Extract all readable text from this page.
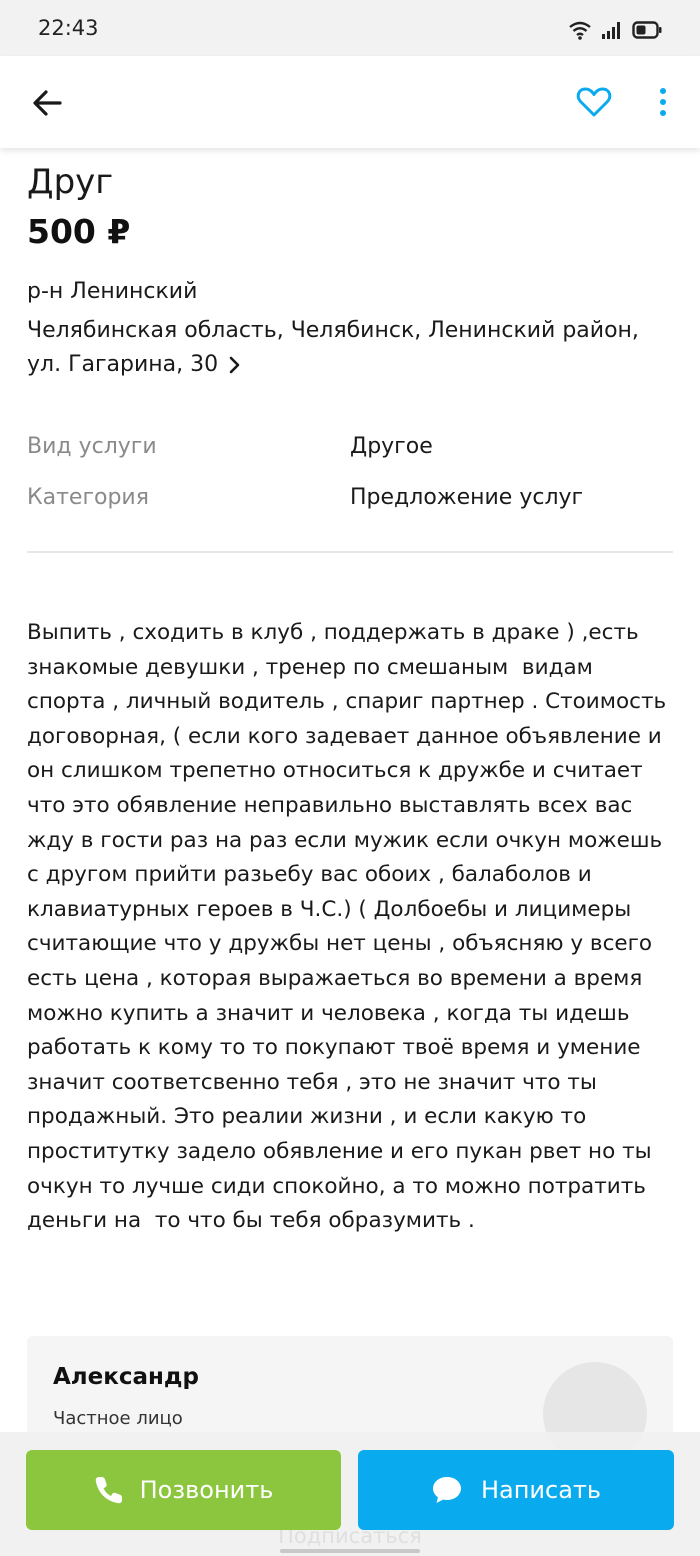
22:43
Друг
500 ₽
р-н Ленинский
Челябинская область, Челябинск, Ленинский район, ул. Гагарина, 30
Вид услуги	Другое
Категория	Предложение услуг
Выпить , сходить в клуб , поддержать в драке ) ,есть знакомые девушки , тренер по смешаным  видам спорта , личный водитель , спариг партнер . Стоимость  договорная, ( если кого задевает данное объявление и он слишком трепетно относиться к дружбе и считает что это обявление неправильно выставлять всех вас жду в гости раз на раз если мужик если очкун можешь с другом прийти разьебу вас обоих , балаболов и клавиатурных героев в Ч.С.) ( Долбоебы и лицимеры считающие что у дружбы нет цены , объясняю у всего есть цена , которая выражаеться во времени а время можно купить а значит и человека , когда ты идешь работать к кому то то покупают твоё время и умение значит соответсвенно тебя , это не значит что ты продажный. Это реалии жизни , и если какую то проститутку задело обявление и его пукан рвет но ты очкун то лучше сиди спокойно, а то можно потратить деньги на  то что бы тебя образумить .
Александр
Частное лицо
Позвонить	Написать
